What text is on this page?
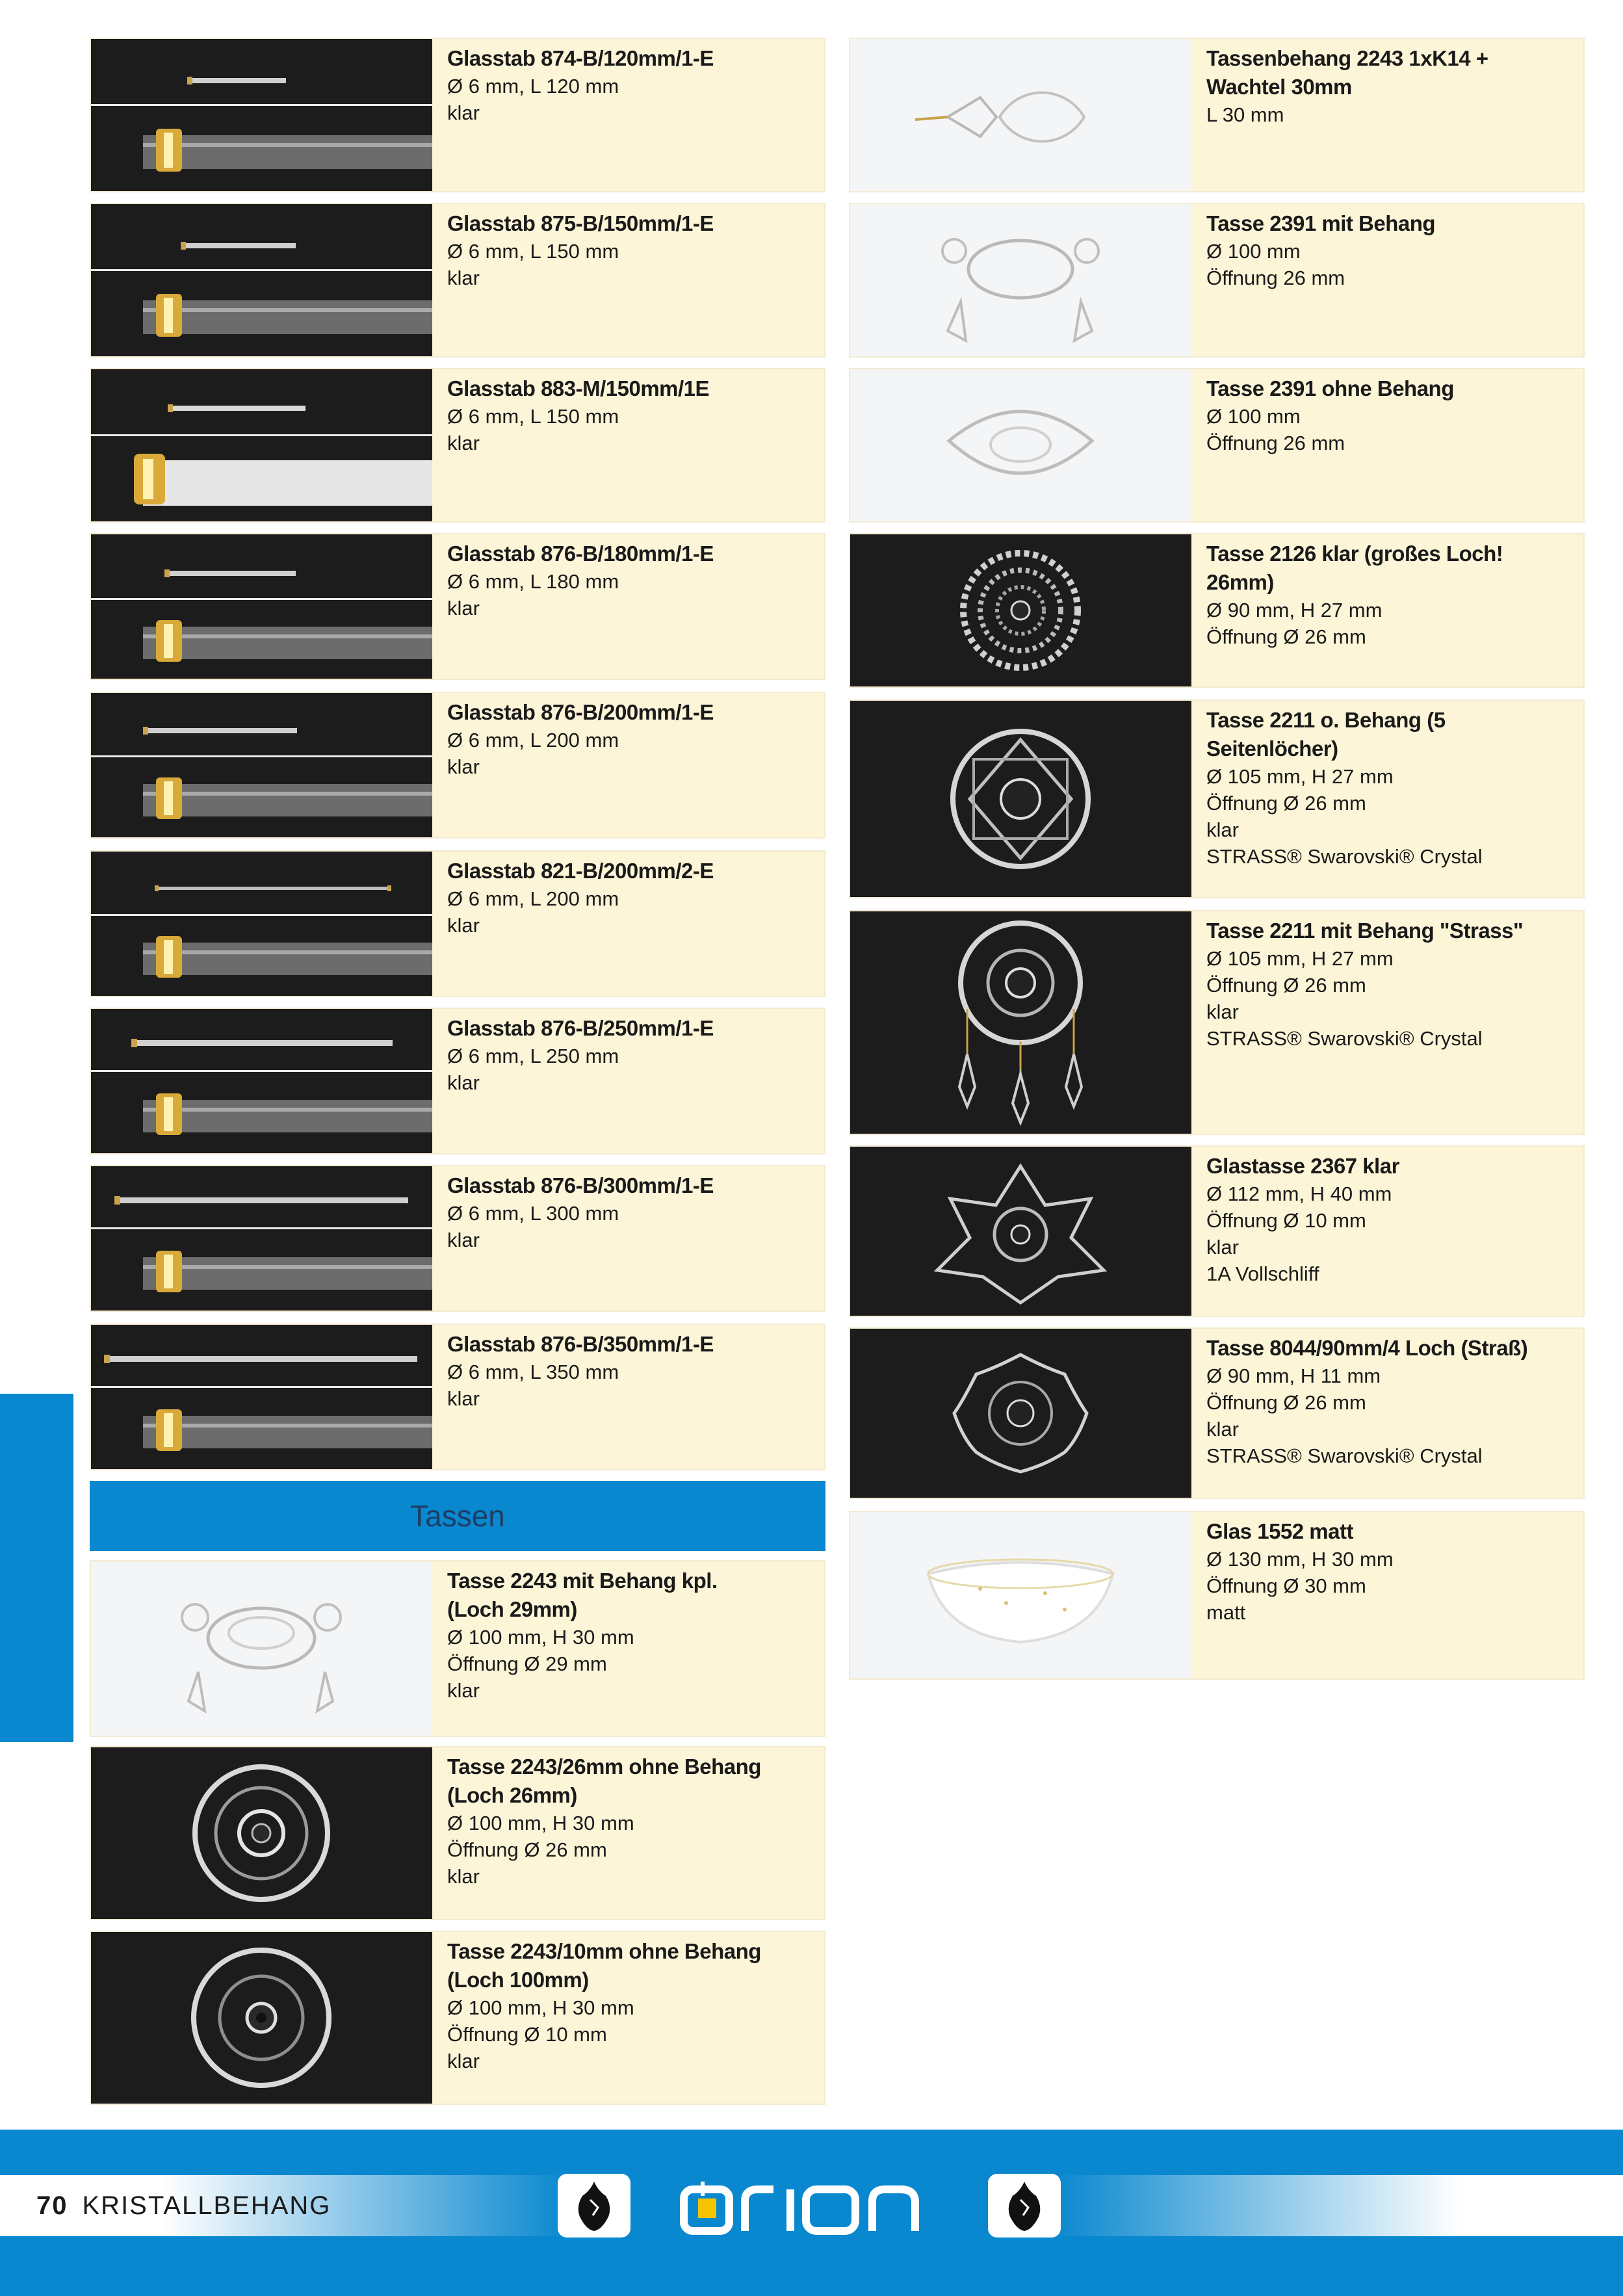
Glasstab 874-B/120mm/1-E
Ø 6 mm, L 120 mm
klar
Glasstab 875-B/150mm/1-E
Ø 6 mm, L 150 mm
klar
Glasstab 883-M/150mm/1E
Ø 6 mm, L 150 mm
klar
Glasstab 876-B/180mm/1-E
Ø 6 mm, L 180 mm
klar
Glasstab 876-B/200mm/1-E
Ø 6 mm, L 200 mm
klar
Glasstab 821-B/200mm/2-E
Ø 6 mm, L 200 mm
klar
Glasstab 876-B/250mm/1-E
Ø 6 mm, L 250 mm
klar
Glasstab 876-B/300mm/1-E
Ø 6 mm, L 300 mm
klar
Glasstab 876-B/350mm/1-E
Ø 6 mm, L 350 mm
klar
Tassen
Tasse 2243 mit Behang kpl.
(Loch 29mm)
Ø 100 mm, H 30 mm
Öffnung Ø 29 mm
klar
Tasse 2243/26mm ohne Behang
(Loch 26mm)
Ø 100 mm, H 30 mm
Öffnung Ø 26 mm
klar
Tasse 2243/10mm ohne Behang
(Loch 100mm)
Ø 100 mm, H 30 mm
Öffnung Ø 10 mm
klar
Tassenbehang 2243 1xK14 +
Wachtel 30mm
L 30 mm
Tasse 2391 mit Behang
Ø 100 mm
Öffnung 26 mm
Tasse 2391 ohne Behang
Ø 100 mm
Öffnung 26 mm
Tasse 2126 klar (großes Loch!
26mm)
Ø 90 mm, H 27 mm
Öffnung Ø 26 mm
Tasse 2211 o. Behang (5
Seitenlöcher)
Ø 105 mm, H 27 mm
Öffnung Ø 26 mm
klar
STRASS® Swarovski® Crystal
Tasse 2211 mit Behang "Strass"
Ø 105 mm, H 27 mm
Öffnung Ø 26 mm
klar
STRASS® Swarovski® Crystal
Glastasse 2367 klar
Ø 112 mm, H 40 mm
Öffnung Ø 10 mm
klar
1A Vollschliff
Tasse 8044/90mm/4 Loch (Straß)
Ø 90 mm, H 11 mm
Öffnung Ø 26 mm
klar
STRASS® Swarovski® Crystal
Glas 1552 matt
Ø 130 mm, H 30 mm
Öffnung Ø 30 mm
matt
70 KRISTALLBEHANG
